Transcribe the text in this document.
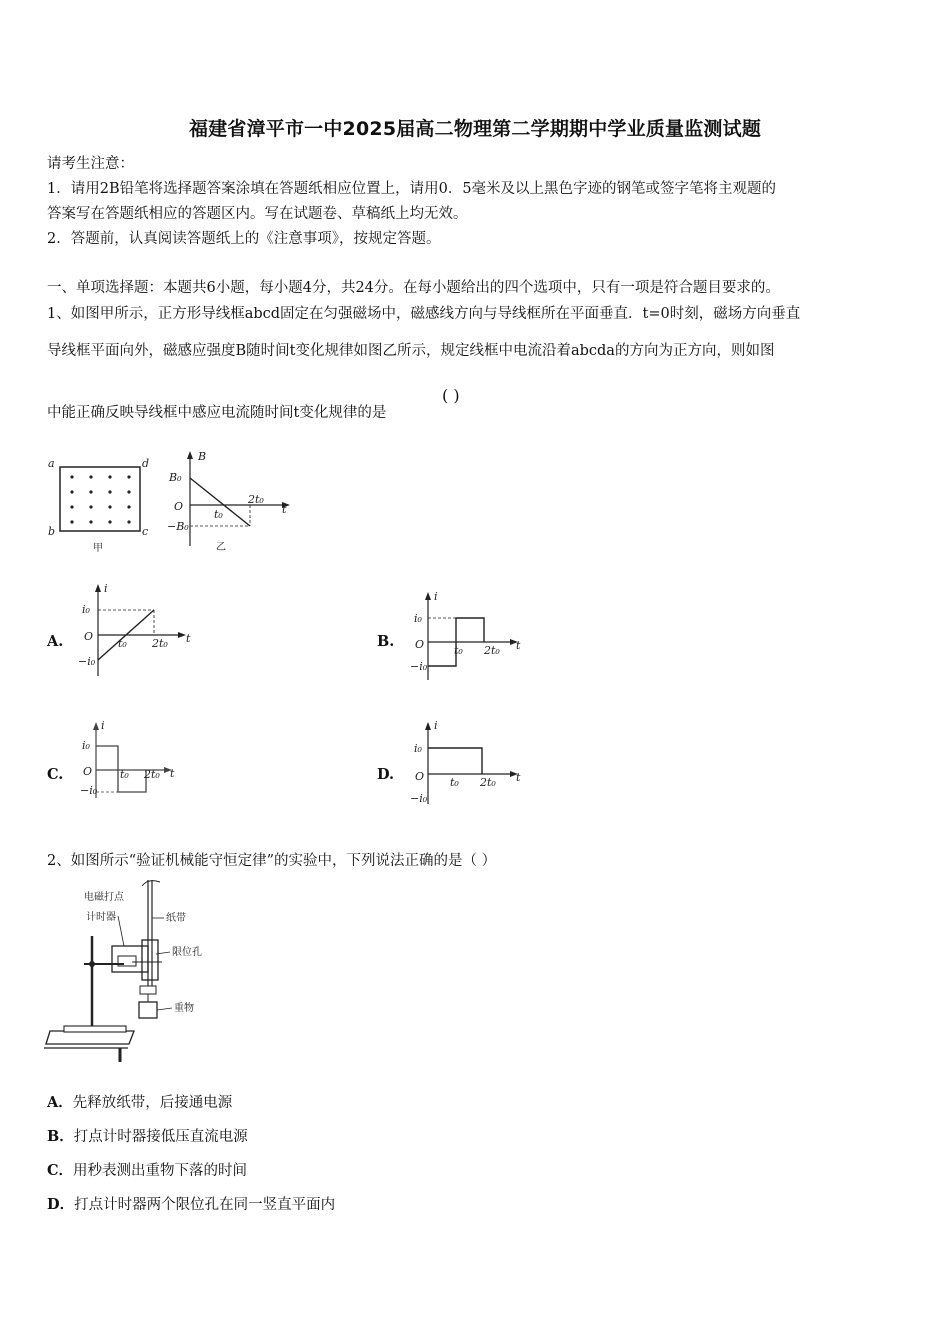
福建省漳平市一中2025届高二物理第二学期期中学业质量监测试题
请考生注意：
1．请用2B铅笔将选择题答案涂填在答题纸相应位置上，请用0．5毫米及以上黑色字迹的钢笔或签字笔将主观题的
答案写在答题纸相应的答题区内。写在试题卷、草稿纸上均无效。
2．答题前，认真阅读答题纸上的《注意事项》，按规定答题。
一、单项选择题：本题共6小题，每小题4分，共24分。在每小题给出的四个选项中，只有一项是符合题目要求的。
1、如图甲所示，正方形导线框abcd固定在匀强磁场中，磁感线方向与导线框所在平面垂直．t=0时刻，磁场方向垂直
导线框平面向外，磁感应强度B随时间t变化规律如图乙所示，规定线框中电流沿着abcda的方向为正方向，则如图
中能正确反映导线框中感应电流随时间t变化规律的是
( )
a	d
b	c
甲
B
B₀
O
−B₀
t₀
2t₀
t
乙
A.
i
i₀
O
−i₀
t₀ 2t₀ t	B.
i
i₀
O
−i₀
t₀ 2t₀ t
C.
i
i₀
O
−i₀
t₀ 2t₀ t	D.
i
i₀
O
−i₀
t₀ 2t₀ t
2、如图所示“验证机械能守恒定律”的实验中，下列说法正确的是（ ）
电磁打点
计时器	纸带
限位孔
重物
A．先释放纸带，后接通电源
B．打点计时器接低压直流电源
C．用秒表测出重物下落的时间
D．打点计时器两个限位孔在同一竖直平面内
